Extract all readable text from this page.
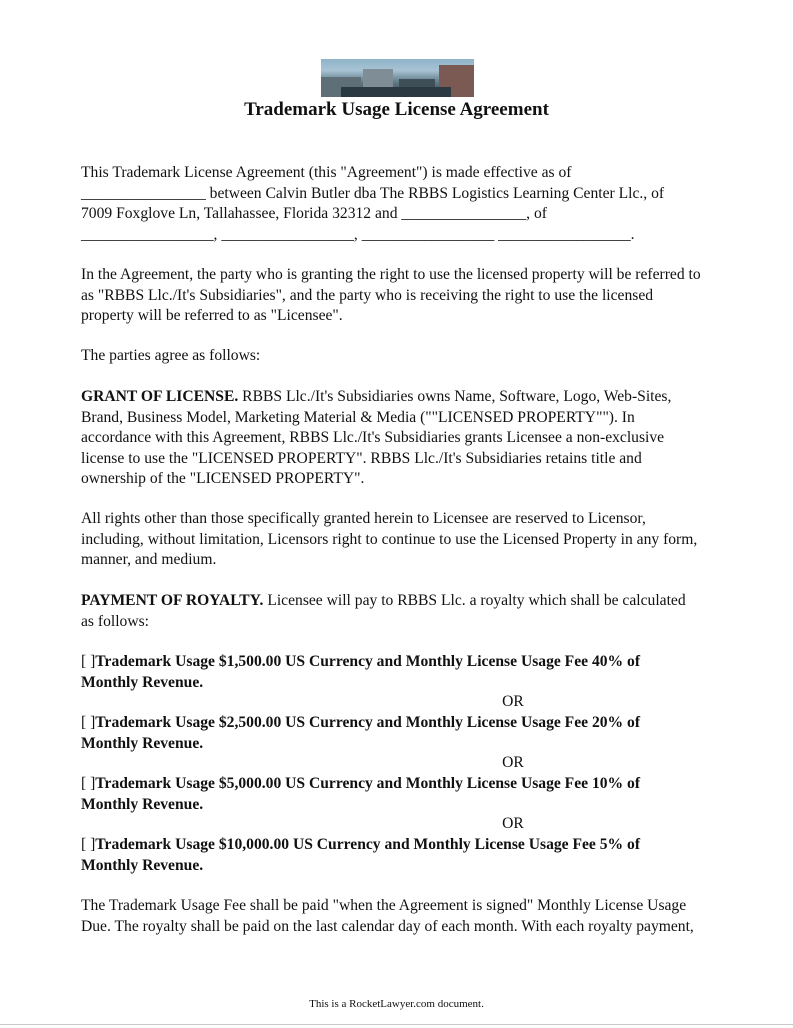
Trademark Usage License Agreement
This Trademark License Agreement (this "Agreement") is made effective as of
________________ between Calvin Butler dba The RBBS Logistics Learning Center Llc., of
7009 Foxglove Ln, Tallahassee, Florida 32312 and ________________, of
_________________, _________________, _________________ _________________.
In the Agreement, the party who is granting the right to use the licensed property will be referred to
as "RBBS Llc./It's Subsidiaries", and the party who is receiving the right to use the licensed
property will be referred to as "Licensee".
The parties agree as follows:
GRANT OF LICENSE. RBBS Llc./It's Subsidiaries owns Name, Software, Logo, Web-Sites,
Brand, Business Model, Marketing Material & Media (""LICENSED PROPERTY""). In
accordance with this Agreement, RBBS Llc./It's Subsidiaries grants Licensee a non-exclusive
license to use the "LICENSED PROPERTY". RBBS Llc./It's Subsidiaries retains title and
ownership of the "LICENSED PROPERTY".
All rights other than those specifically granted herein to Licensee are reserved to Licensor,
including, without limitation, Licensors right to continue to use the Licensed Property in any form,
manner, and medium.
PAYMENT OF ROYALTY. Licensee will pay to RBBS Llc. a royalty which shall be calculated
as follows:
[ ]Trademark Usage $1,500.00 US Currency and Monthly License Usage Fee 40% of
Monthly Revenue.
OR
[ ]Trademark Usage $2,500.00 US Currency and Monthly License Usage Fee 20% of
Monthly Revenue.
OR
[ ]Trademark Usage $5,000.00 US Currency and Monthly License Usage Fee 10% of
Monthly Revenue.
OR
[ ]Trademark Usage $10,000.00 US Currency and Monthly License Usage Fee 5% of
Monthly Revenue.
The Trademark Usage Fee shall be paid "when the Agreement is signed" Monthly License Usage
Due. The royalty shall be paid on the last calendar day of each month. With each royalty payment,
This is a RocketLawyer.com document.
